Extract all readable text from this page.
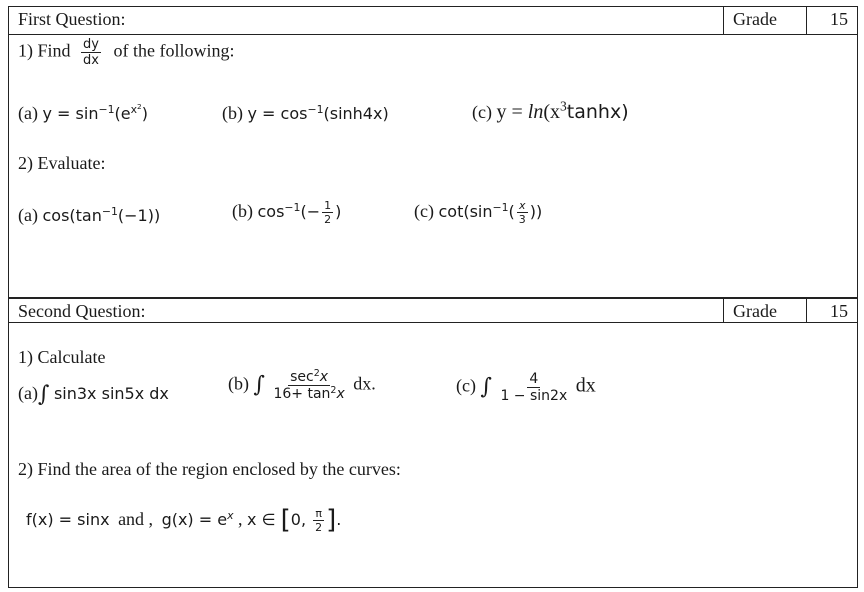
First Question:	Grade	15
1) Find $\frac{dy}{dx}$ of the following:
(a) $y = \sin^{-1}(e^{x^2})$	(b) $y = \cos^{-1}(\sinh 4x)$	(c) $y = \ln(x^3\tanh x)$
2) Evaluate:
(a) $\cos(\tan^{-1}(-1))$	(b) $\cos^{-1}(- \frac{1}{2}$ )	(c) $\cot(\sin^{-1}( \frac{x}{3}$ ))
Second Question:	Grade	15
1) Calculate
(a)∫ sin3x sin5x dx	(b) ∫ $\frac{\sec^2x}{16+ \tan^2x}$ dx.	(c) ∫ $\frac{4}{1 - \sin 2x}$ dx
2) Find the area of the region enclosed by the curves:
f(x) = sinx and , $g(x) = e^x$ , x ∈ [0, $\frac{\pi}{2}$ ].
